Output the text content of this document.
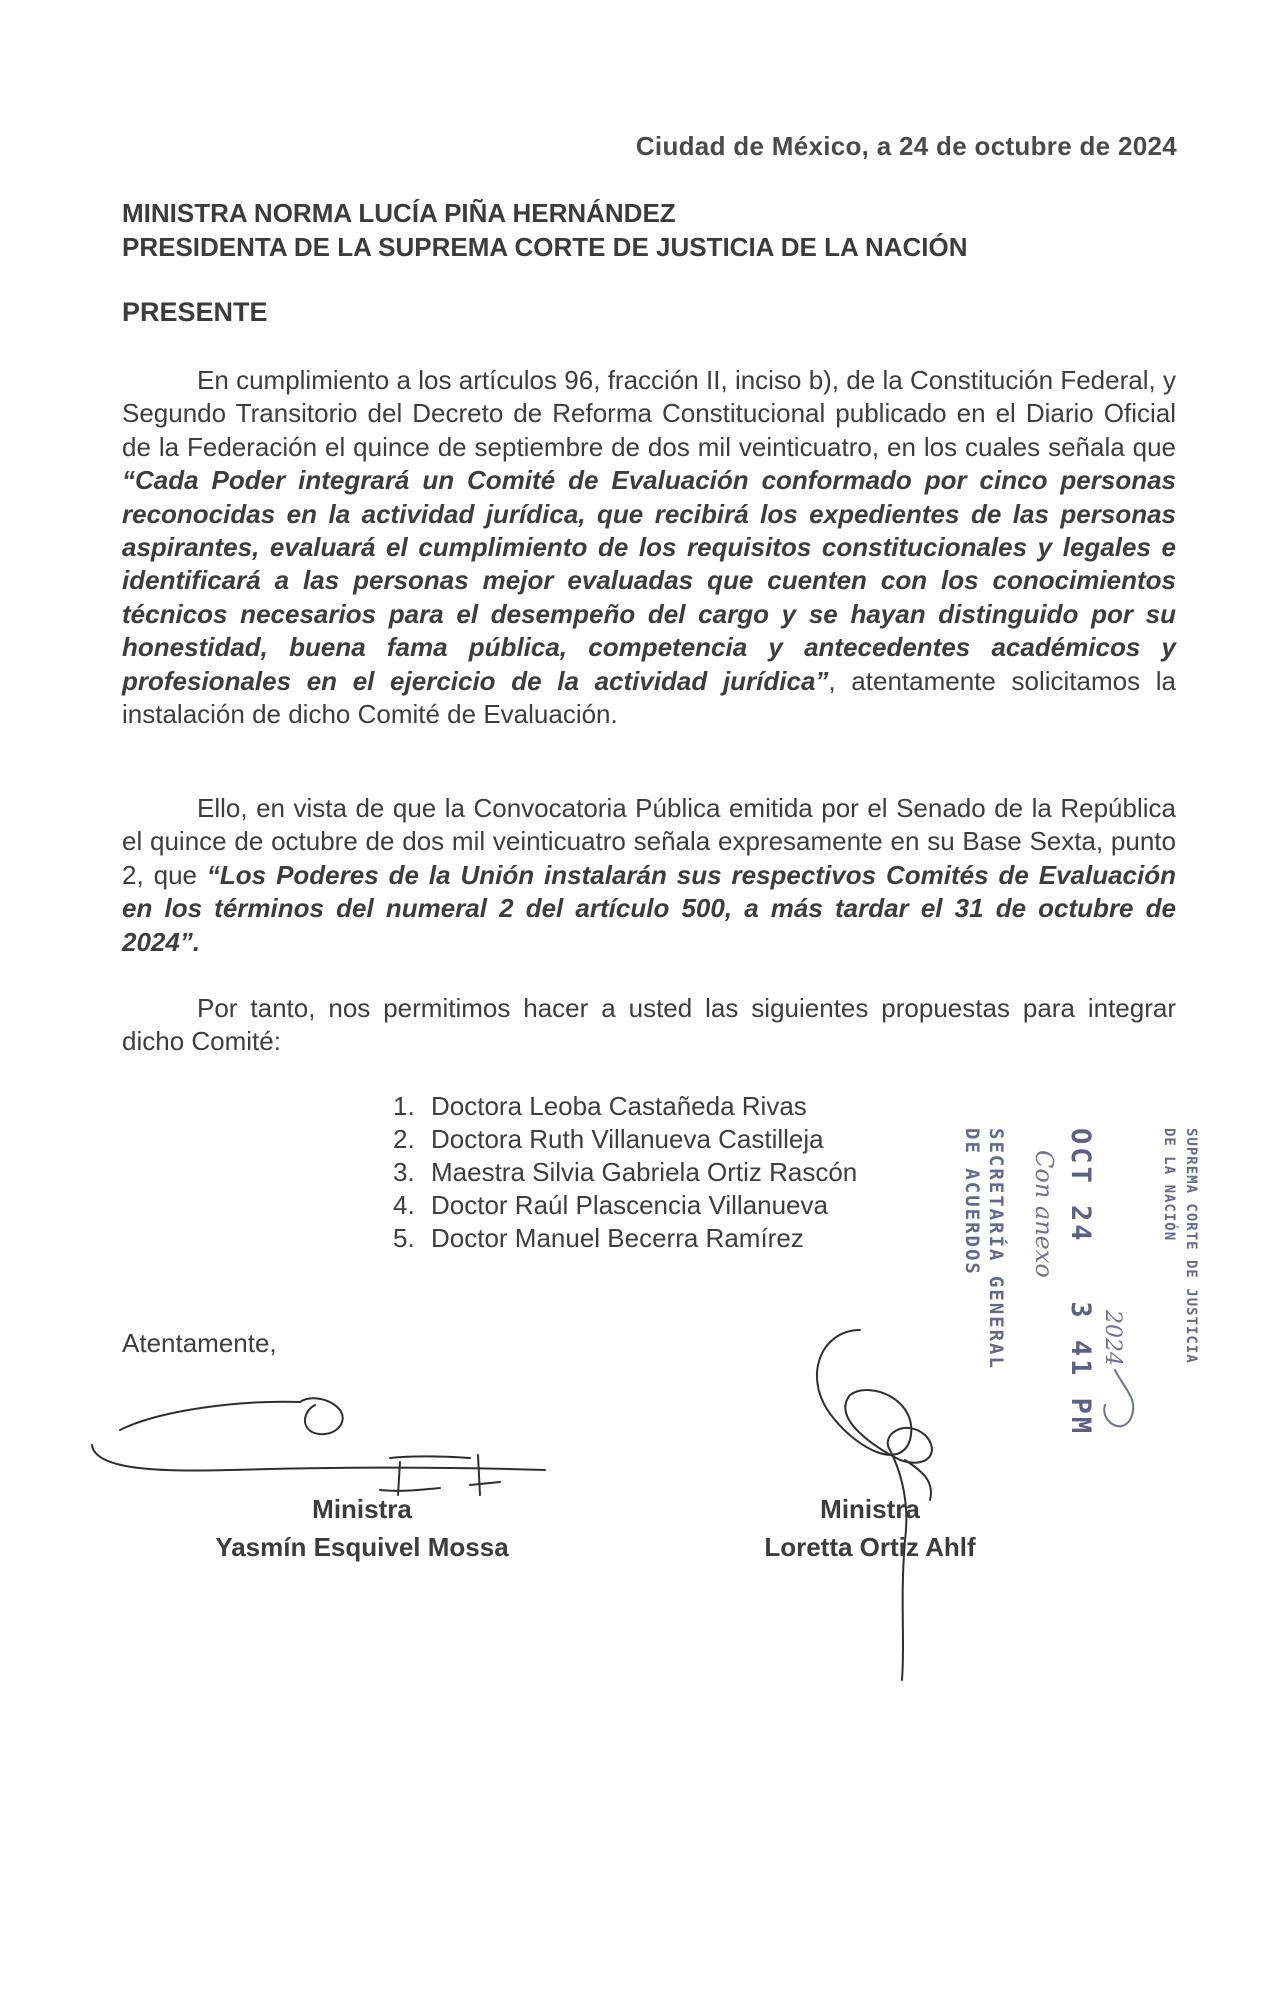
Ciudad de México, a 24 de octubre de 2024
MINISTRA NORMA LUCÍA PIÑA HERNÁNDEZ
PRESIDENTA DE LA SUPREMA CORTE DE JUSTICIA DE LA NACIÓN
PRESENTE

En cumplimiento a los artículos 96, fracción II, inciso b), de la Constitución Federal, y Segundo Transitorio del Decreto de Reforma Constitucional publicado en el Diario Oficial de la Federación el quince de septiembre de dos mil veinticuatro, en los cuales señala que “Cada Poder integrará un Comité de Evaluación conformado por cinco personas reconocidas en la actividad jurídica, que recibirá los expedientes de las personas aspirantes, evaluará el cumplimiento de los requisitos constitucionales y legales e identificará a las personas mejor evaluadas que cuenten con los conocimientos técnicos necesarios para el desempeño del cargo y se hayan distinguido por su honestidad, buena fama pública, competencia y antecedentes académicos y profesionales en el ejercicio de la actividad jurídica”, atentamente solicitamos la instalación de dicho Comité de Evaluación.

Ello, en vista de que la Convocatoria Pública emitida por el Senado de la República el quince de octubre de dos mil veinticuatro señala expresamente en su Base Sexta, punto 2, que “Los Poderes de la Unión instalarán sus respectivos Comités de Evaluación en los términos del numeral 2 del artículo 500, a más tardar el 31 de octubre de 2024”.

Por tanto, nos permitimos hacer a usted las siguientes propuestas para integrar dicho Comité:

1. Doctora Leoba Castañeda Rivas
2. Doctora Ruth Villanueva Castilleja
3. Maestra Silvia Gabriela Ortiz Rascón
4. Doctor Raúl Plascencia Villanueva
5. Doctor Manuel Becerra Ramírez	SECRETARÍA GENERAL
DE ACUERDOS	OCT 24   3 41 PM
Con anexo
2024	SUPREMA CORTE DE JUSTICIA
DE LA NACIÓN
Atentamente,
Ministra
Yasmín Esquivel Mossa
Ministra
Loretta Ortiz Ahlf
